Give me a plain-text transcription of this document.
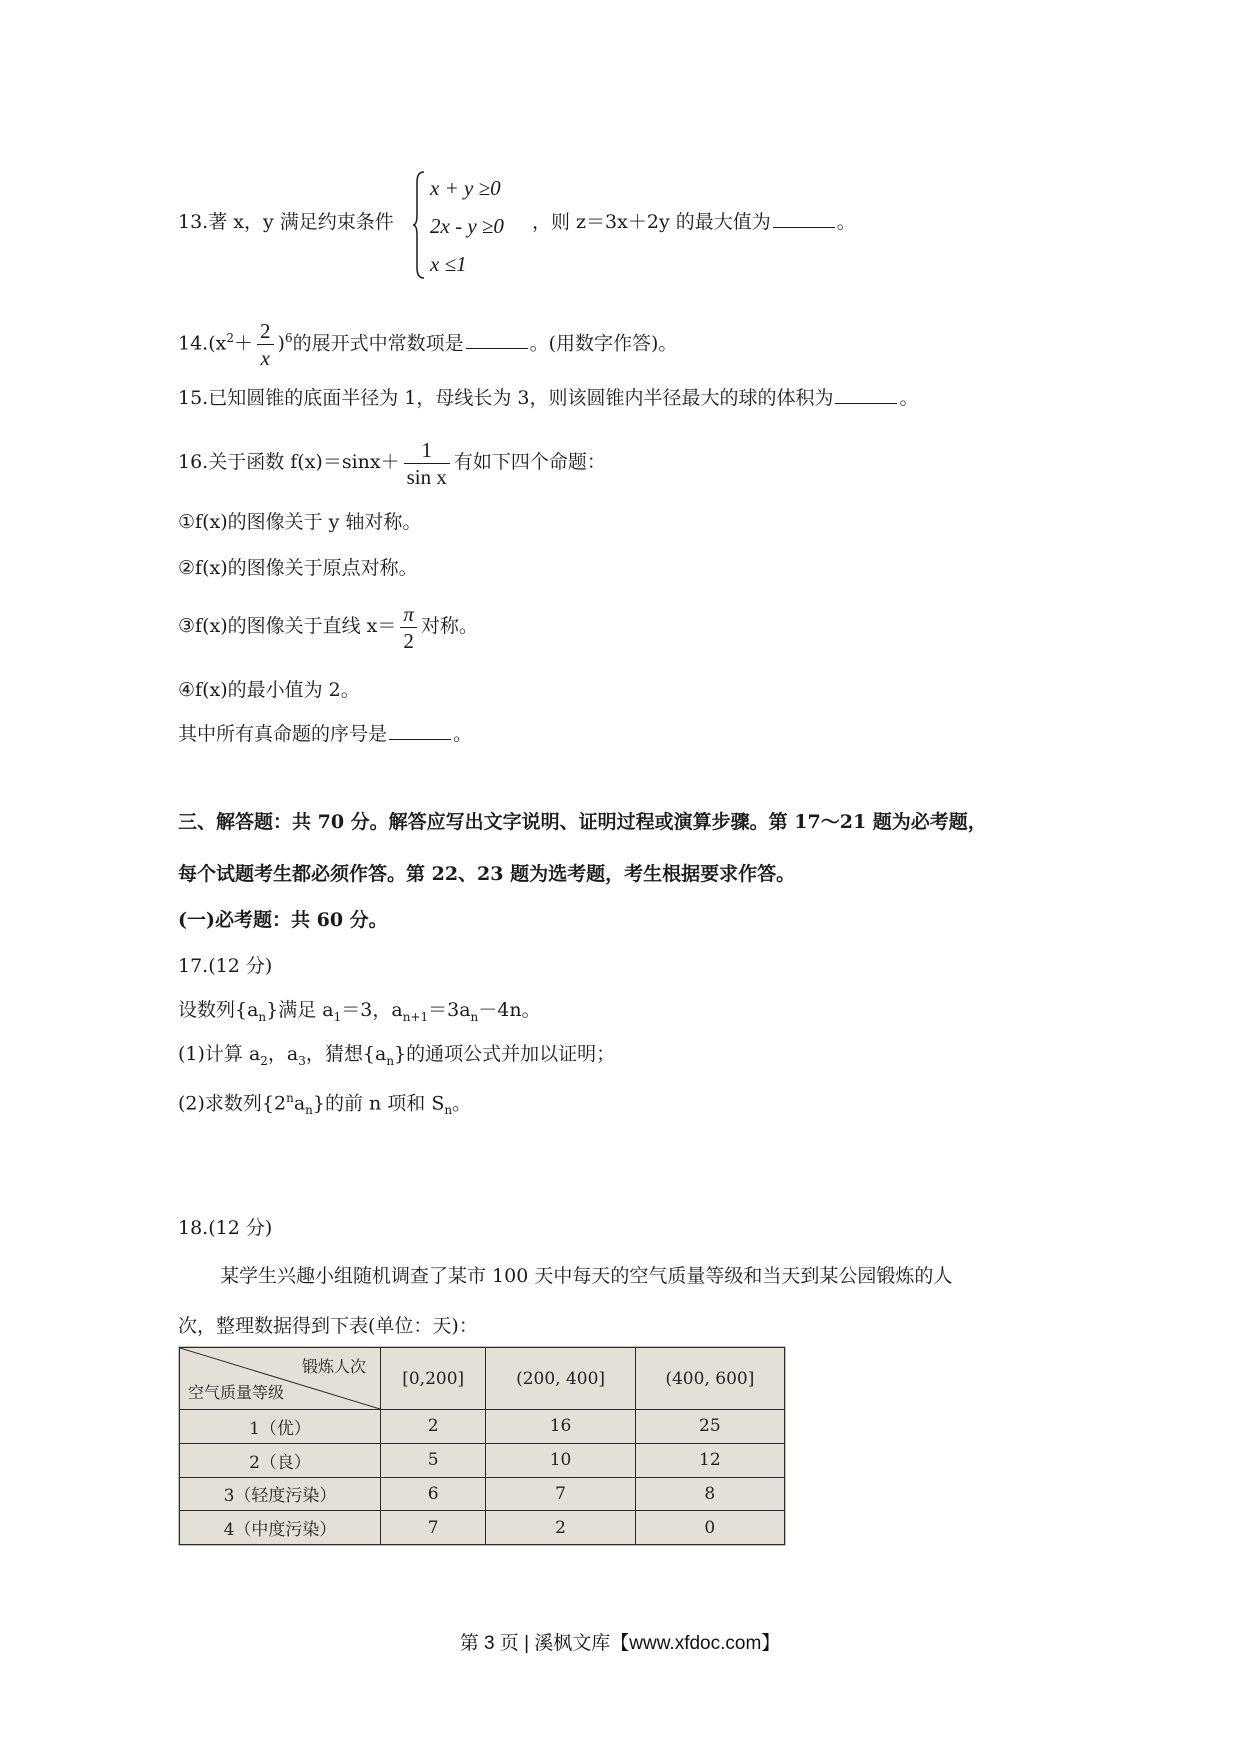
13.著 x，y 满足约束条件
x + y ≥0
2x - y ≥0
x ≤1
，则 z＝3x＋2y 的最大值为	。
$14.(x^2+ \frac{2}{x} )^6$的展开式中常数项是	。(用数字作答)。
15.已知圆锥的底面半径为 1，母线长为 3，则该圆锥内半径最大的球的体积为	。
16.关于函数 $f(x)=\sin x+ \frac{1}{\text{sin x}}$ 有如下四个命题：
①f(x)的图像关于 y 轴对称。
②f(x)的图像关于原点对称。
③f(x)的图像关于直线 $x= \frac{\pi}{2}$ 对称。
④f(x)的最小值为 2。
其中所有真命题的序号是	。
三、解答题：共 70 分。解答应写出文字说明、证明过程或演算步骤。第 17～21 题为必考题，
每个试题考生都必须作答。第 22、23 题为选考题，考生根据要求作答。
(一)必考题：共 60 分。
17.(12 分)
设数列$\{a_n\}$满足 $a_1=3$，$a_{n+1}=3a_n-4n$。
(1)计算 $a_2$，$a_3$，猜想$\{a_n\}$的通项公式并加以证明；
(2)求数列$\{2^na_n\}$的前 n 项和 $S_n$。
18.(12 分)
某学生兴趣小组随机调查了某市 100 天中每天的空气质量等级和当天到某公园锻炼的人
次，整理数据得到下表(单位：天)：
锻炼人次
空气质量等级	[0,200]	(200, 400]	(400, 600]
1（优）	2	16	25
2（良）	5	10	12
3（轻度污染）	6	7	8
4（中度污染）	7	2	0
第 3 页 | 溪枫文库【www.xfdoc.com】
